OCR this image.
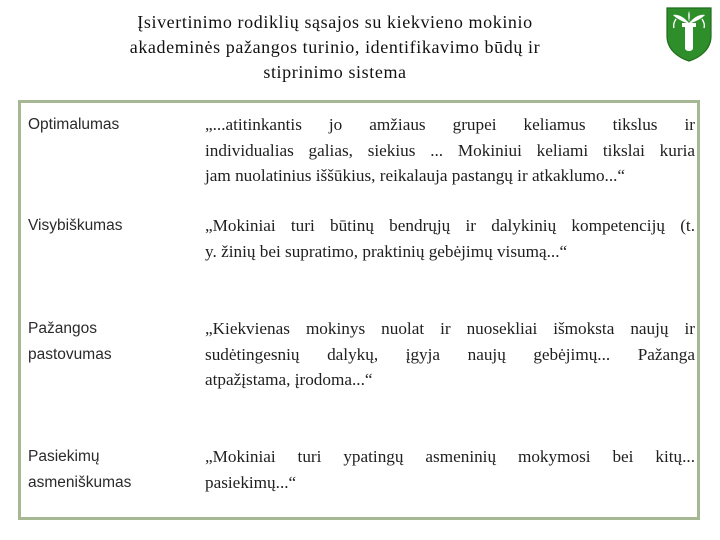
Įsivertinimo rodiklių sąsajos su kiekvieno mokinio
akademinės pažangos turinio, identifikavimo būdų ir
stiprinimo sistema
Optimalumas	„...atitinkantis jo amžiaus grupei keliamus tikslus ir
individualias galias, siekius ... Mokiniui keliami tikslai kuria
jam nuolatinius iššūkius, reikalauja pastangų ir atkaklumo...“
Visybiškumas	„Mokiniai turi būtinų bendrųjų ir dalykinių kompetencijų (t.
y. žinių bei supratimo, praktinių gebėjimų visumą...“
Pažangos
pastovumas
„Kiekvienas mokinys nuolat ir nuosekliai išmoksta naujų ir
sudėtingesnių dalykų, įgyja naujų gebėjimų... Pažanga
atpažįstama, įrodoma...“
Pasiekimų
asmeniškumas
„Mokiniai turi ypatingų asmeninių mokymosi bei kitų...
pasiekimų...“
